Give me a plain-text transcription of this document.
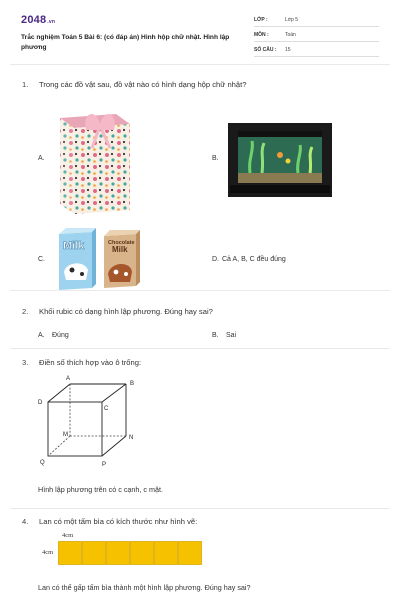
2048.vn
Trắc nghiệm Toán 5 Bài 6: (có đáp án) Hình hộp chữ nhật. Hình lập phương
LỚP :	Lớp 5
MÔN :	Toán
SỐ CÂU : 15
1. Trong các đồ vật sau, đồ vật nào có hình dạng hộp chữ nhật?
A.	B.
C.
Milk	Chocolate
Milk
D. Cả A, B, C đều đúng
2. Khối rubic có dạng hình lập phương. Đúng hay sai?
A. Đúng	B. Sai
3. Điền số thích hợp vào ô trống:
A
B
C
D
M	N
P
Q
Hình lập phương trên có c cạnh, c mặt.
4. Lan có một tấm bìa có kích thước như hình vẽ:
4cm
4cm
Lan có thể gấp tấm bìa thành một hình lập phương. Đúng hay sai?
